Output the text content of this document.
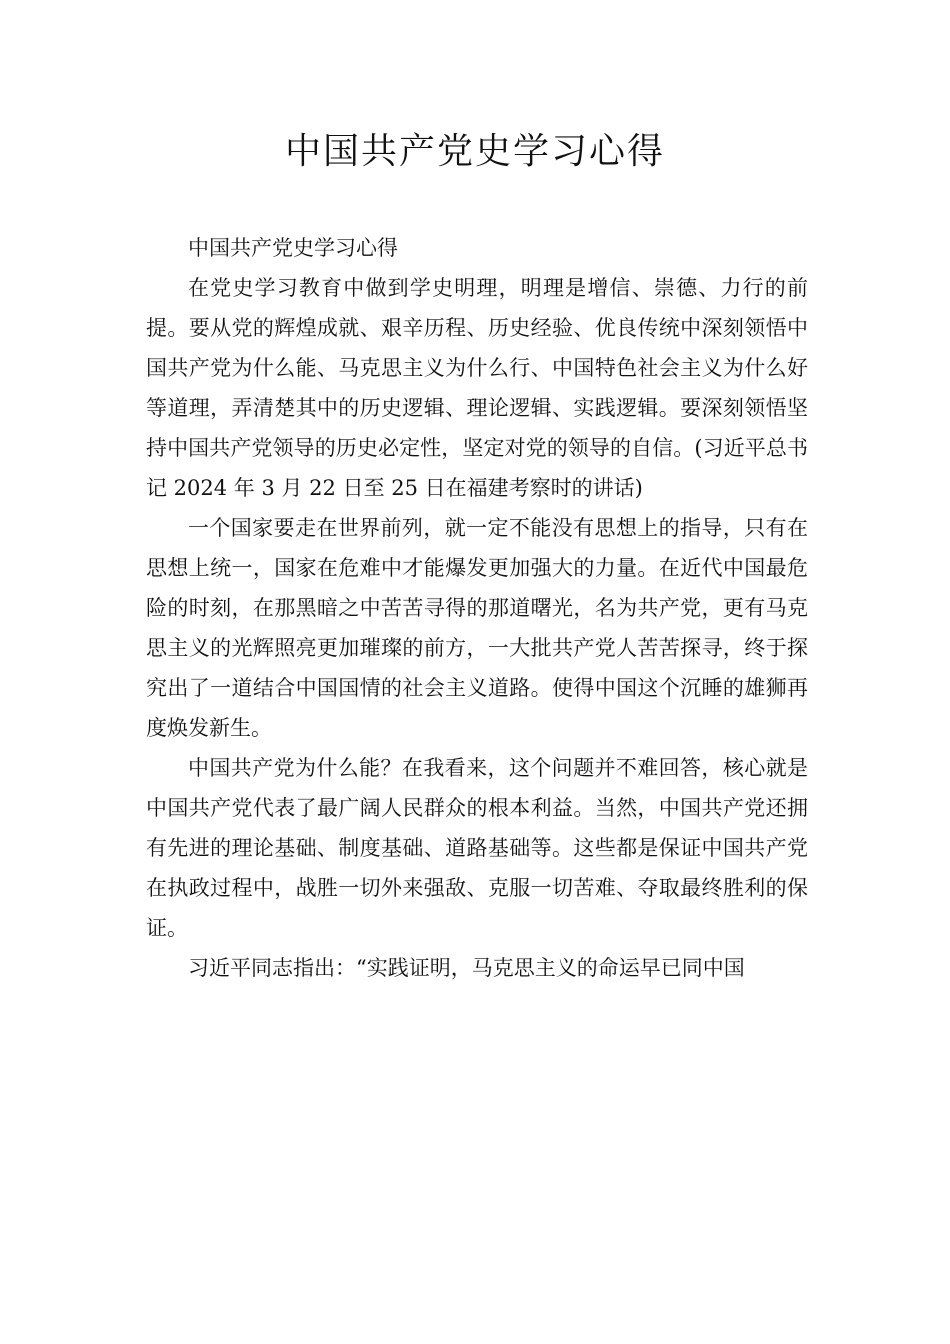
中国共产党史学习心得

中国共产党史学习心得

在党史学习教育中做到学史明理，明理是增信、崇德、力行的前提。要从党的辉煌成就、艰辛历程、历史经验、优良传统中深刻领悟中国共产党为什么能、马克思主义为什么行、中国特色社会主义为什么好等道理，弄清楚其中的历史逻辑、理论逻辑、实践逻辑。要深刻领悟坚持中国共产党领导的历史必定性，坚定对党的领导的自信。(习近平总书记 2024 年 3 月 22 日至 25 日在福建考察时的讲话)

一个国家要走在世界前列，就一定不能没有思想上的指导，只有在思想上统一，国家在危难中才能爆发更加强大的力量。在近代中国最危险的时刻，在那黑暗之中苦苦寻得的那道曙光，名为共产党，更有马克思主义的光辉照亮更加璀璨的前方，一大批共产党人苦苦探寻，终于探究出了一道结合中国国情的社会主义道路。使得中国这个沉睡的雄狮再度焕发新生。

中国共产党为什么能？在我看来，这个问题并不难回答，核心就是中国共产党代表了最广阔人民群众的根本利益。当然，中国共产党还拥有先进的理论基础、制度基础、道路基础等。这些都是保证中国共产党在执政过程中，战胜一切外来强敌、克服一切苦难、夺取最终胜利的保证。

习近平同志指出：“实践证明，马克思主义的命运早已同中国
